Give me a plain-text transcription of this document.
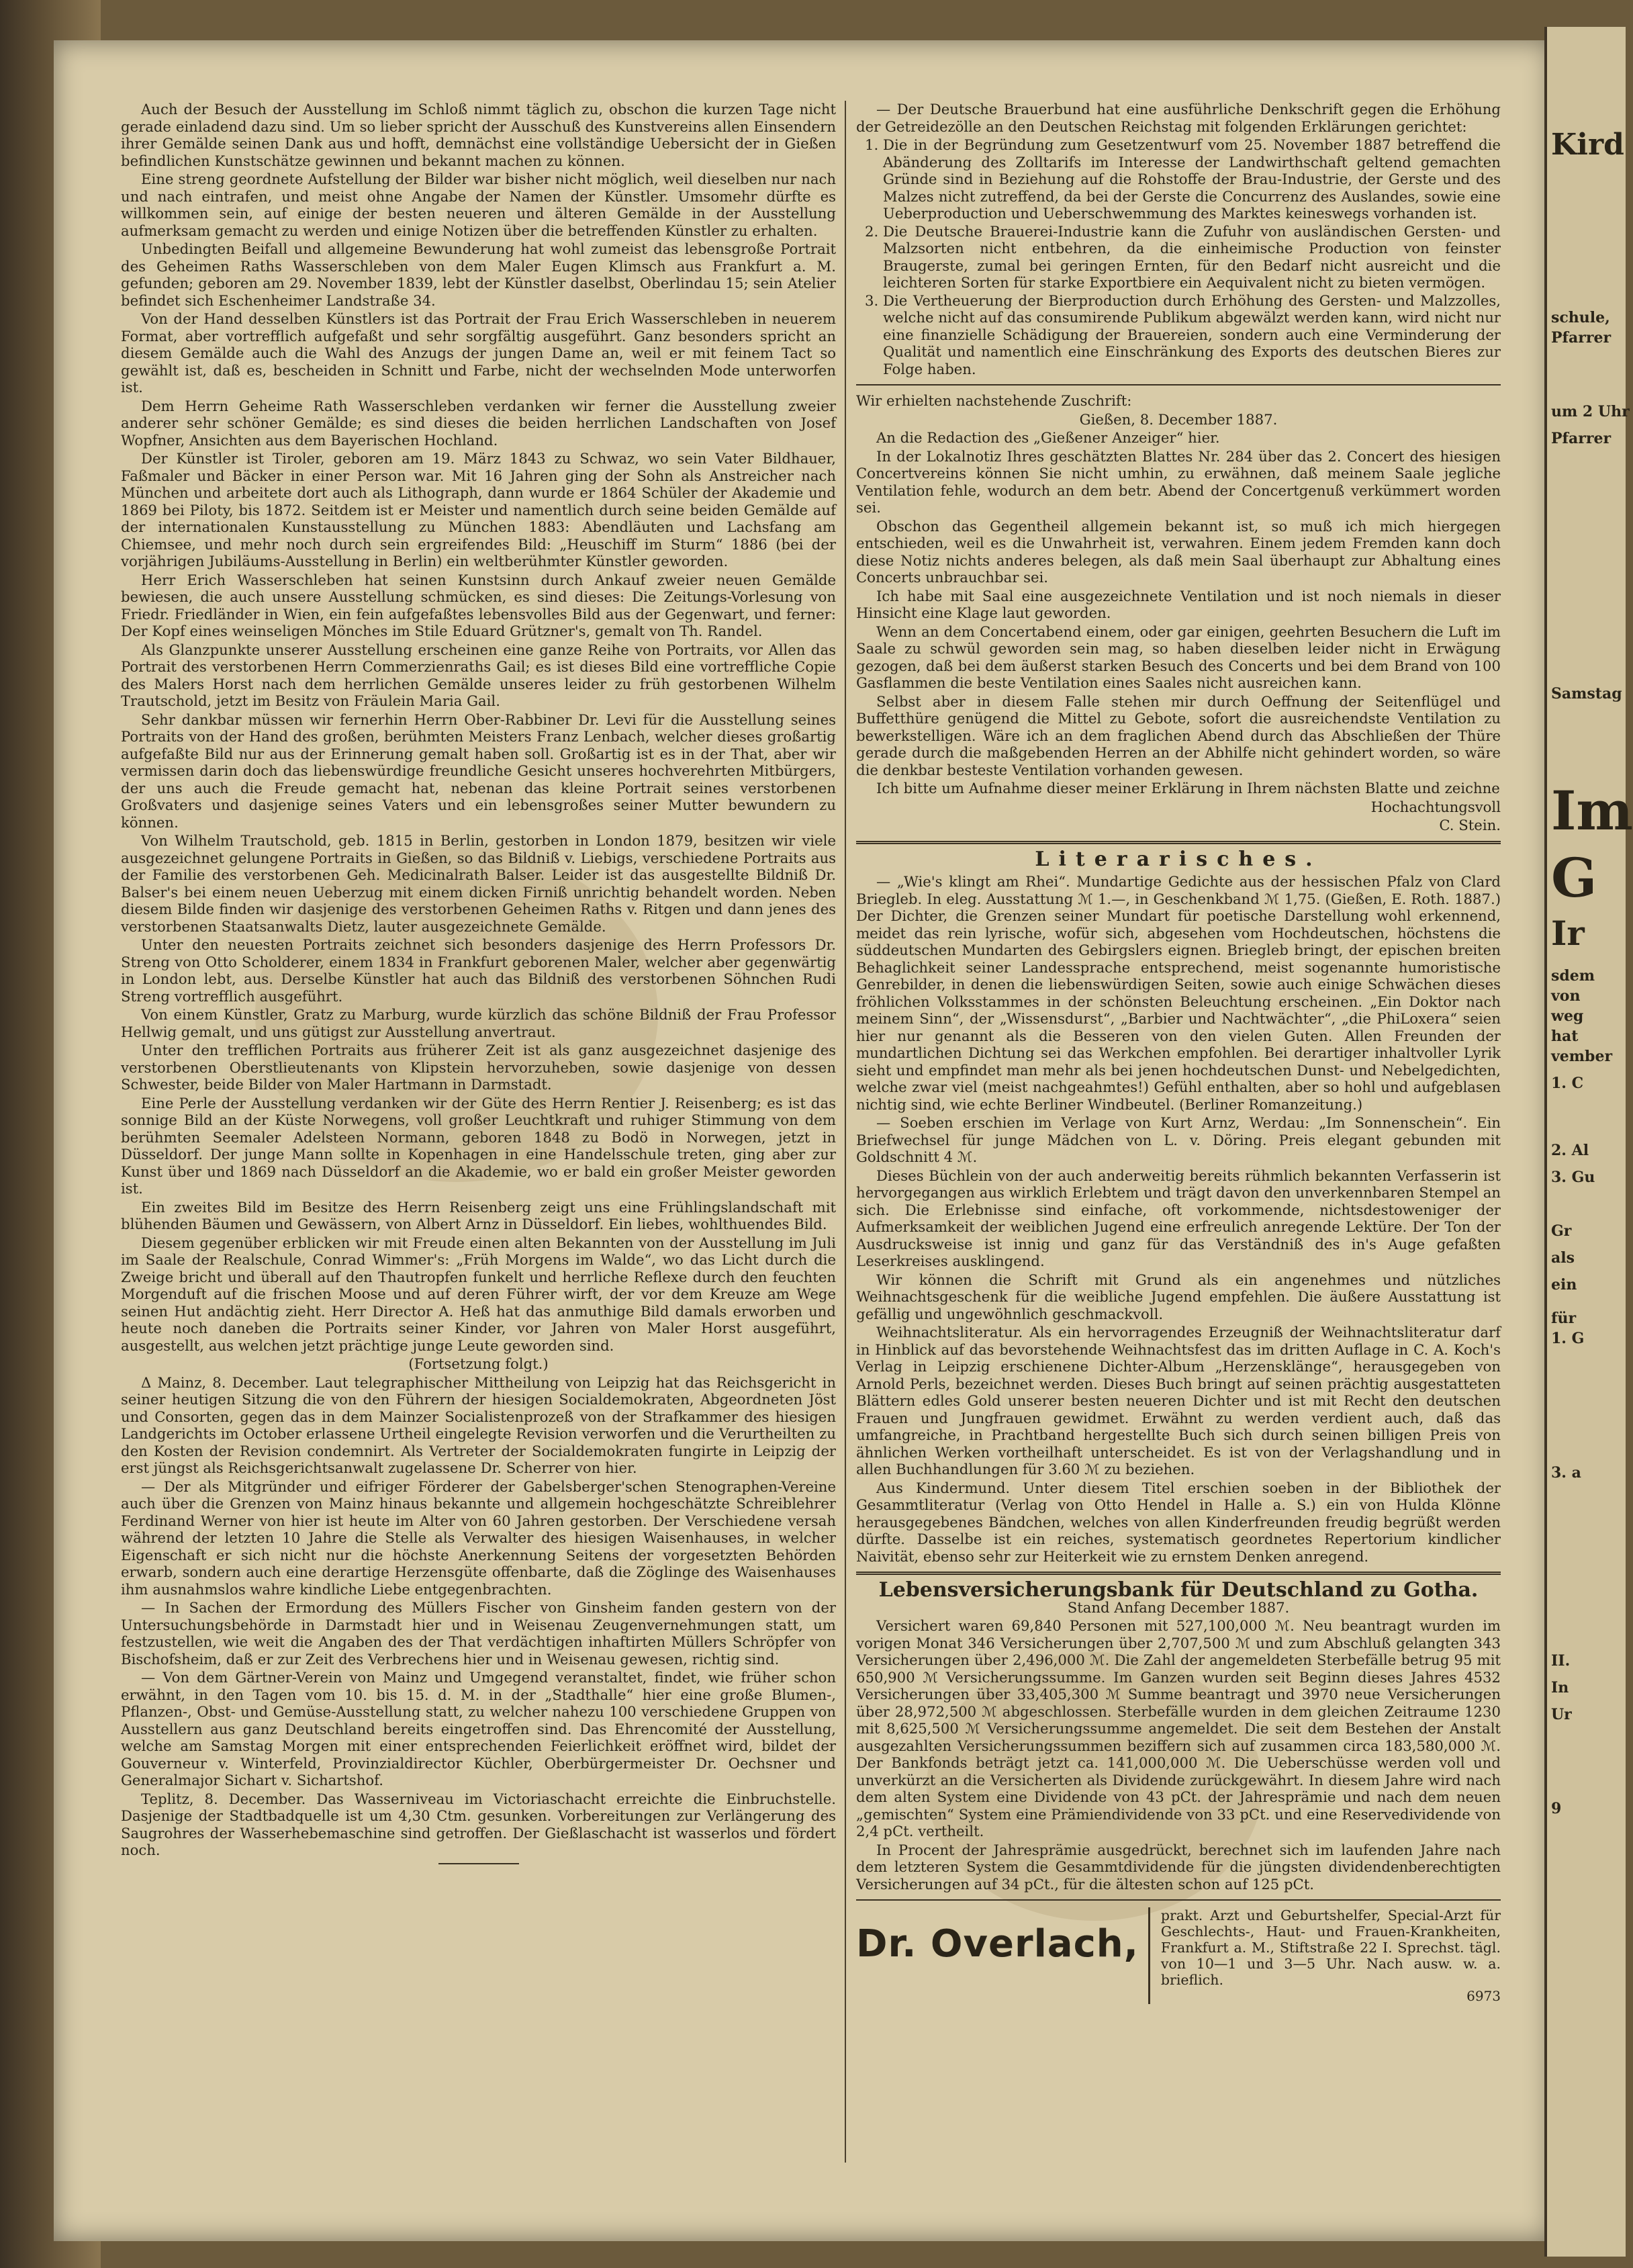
Auch der Besuch der Ausstellung im Schloß nimmt täglich zu, obschon die kurzen Tage nicht gerade einladend dazu sind. Um so lieber spricht der Ausschuß des Kunstvereins allen Einsendern ihrer Gemälde seinen Dank aus und hofft, demnächst eine vollständige Uebersicht der in Gießen befindlichen Kunstschätze gewinnen und bekannt machen zu können.

Eine streng geordnete Aufstellung der Bilder war bisher nicht möglich, weil dieselben nur nach und nach eintrafen, und meist ohne Angabe der Namen der Künstler. Umsomehr dürfte es willkommen sein, auf einige der besten neueren und älteren Gemälde in der Ausstellung aufmerksam gemacht zu werden und einige Notizen über die betreffenden Künstler zu erhalten.

Unbedingten Beifall und allgemeine Bewunderung hat wohl zumeist das lebensgroße Portrait des Geheimen Raths Wasserschleben von dem Maler Eugen Klimsch aus Frankfurt a. M. gefunden; geboren am 29. November 1839, lebt der Künstler daselbst, Oberlindau 15; sein Atelier befindet sich Eschenheimer Landstraße 34.

Von der Hand desselben Künstlers ist das Portrait der Frau Erich Wasserschleben in neuerem Format, aber vortrefflich aufgefaßt und sehr sorgfältig ausgeführt. Ganz besonders spricht an diesem Gemälde auch die Wahl des Anzugs der jungen Dame an, weil er mit feinem Tact so gewählt ist, daß es, bescheiden in Schnitt und Farbe, nicht der wechselnden Mode unterworfen ist.

Dem Herrn Geheime Rath Wasserschleben verdanken wir ferner die Ausstellung zweier anderer sehr schöner Gemälde; es sind dieses die beiden herrlichen Landschaften von Josef Wopfner, Ansichten aus dem Bayerischen Hochland.

Der Künstler ist Tiroler, geboren am 19. März 1843 zu Schwaz, wo sein Vater Bildhauer, Faßmaler und Bäcker in einer Person war. Mit 16 Jahren ging der Sohn als Anstreicher nach München und arbeitete dort auch als Lithograph, dann wurde er 1864 Schüler der Akademie und 1869 bei Piloty, bis 1872. Seitdem ist er Meister und namentlich durch seine beiden Gemälde auf der internationalen Kunstausstellung zu München 1883: Abendläuten und Lachsfang am Chiemsee, und mehr noch durch sein ergreifendes Bild: „Heuschiff im Sturm“ 1886 (bei der vorjährigen Jubiläums-Ausstellung in Berlin) ein weltberühmter Künstler geworden.

Herr Erich Wasserschleben hat seinen Kunstsinn durch Ankauf zweier neuen Gemälde bewiesen, die auch unsere Ausstellung schmücken, es sind dieses: Die Zeitungs-Vorlesung von Friedr. Friedländer in Wien, ein fein aufgefaßtes lebensvolles Bild aus der Gegenwart, und ferner: Der Kopf eines weinseligen Mönches im Stile Eduard Grützner's, gemalt von Th. Randel.

Als Glanzpunkte unserer Ausstellung erscheinen eine ganze Reihe von Portraits, vor Allen das Portrait des verstorbenen Herrn Commerzienraths Gail; es ist dieses Bild eine vortreffliche Copie des Malers Horst nach dem herrlichen Gemälde unseres leider zu früh gestorbenen Wilhelm Trautschold, jetzt im Besitz von Fräulein Maria Gail.

Sehr dankbar müssen wir fernerhin Herrn Ober-Rabbiner Dr. Levi für die Ausstellung seines Portraits von der Hand des großen, berühmten Meisters Franz Lenbach, welcher dieses großartig aufgefaßte Bild nur aus der Erinnerung gemalt haben soll. Großartig ist es in der That, aber wir vermissen darin doch das liebenswürdige freundliche Gesicht unseres hochverehrten Mitbürgers, der uns auch die Freude gemacht hat, nebenan das kleine Portrait seines verstorbenen Großvaters und dasjenige seines Vaters und ein lebensgroßes seiner Mutter bewundern zu können.

Von Wilhelm Trautschold, geb. 1815 in Berlin, gestorben in London 1879, besitzen wir viele ausgezeichnet gelungene Portraits in Gießen, so das Bildniß v. Liebigs, verschiedene Portraits aus der Familie des verstorbenen Geh. Medicinalrath Balser. Leider ist das ausgestellte Bildniß Dr. Balser's bei einem neuen Ueberzug mit einem dicken Firniß unrichtig behandelt worden. Neben diesem Bilde finden wir dasjenige des verstorbenen Geheimen Raths v. Ritgen und dann jenes des verstorbenen Staatsanwalts Dietz, lauter ausgezeichnete Gemälde.

Unter den neuesten Portraits zeichnet sich besonders dasjenige des Herrn Professors Dr. Streng von Otto Scholderer, einem 1834 in Frankfurt geborenen Maler, welcher aber gegenwärtig in London lebt, aus. Derselbe Künstler hat auch das Bildniß des verstorbenen Söhnchen Rudi Streng vortrefflich ausgeführt.

Von einem Künstler, Gratz zu Marburg, wurde kürzlich das schöne Bildniß der Frau Professor Hellwig gemalt, und uns gütigst zur Ausstellung anvertraut.

Unter den trefflichen Portraits aus früherer Zeit ist als ganz ausgezeichnet dasjenige des verstorbenen Oberstlieutenants von Klipstein hervorzuheben, sowie dasjenige von dessen Schwester, beide Bilder von Maler Hartmann in Darmstadt.

Eine Perle der Ausstellung verdanken wir der Güte des Herrn Rentier J. Reisenberg; es ist das sonnige Bild an der Küste Norwegens, voll großer Leuchtkraft und ruhiger Stimmung von dem berühmten Seemaler Adelsteen Normann, geboren 1848 zu Bodö in Norwegen, jetzt in Düsseldorf. Der junge Mann sollte in Kopenhagen in eine Handelsschule treten, ging aber zur Kunst über und 1869 nach Düsseldorf an die Akademie, wo er bald ein großer Meister geworden ist.

Ein zweites Bild im Besitze des Herrn Reisenberg zeigt uns eine Frühlingslandschaft mit blühenden Bäumen und Gewässern, von Albert Arnz in Düsseldorf. Ein liebes, wohlthuendes Bild.

Diesem gegenüber erblicken wir mit Freude einen alten Bekannten von der Ausstellung im Juli im Saale der Realschule, Conrad Wimmer's: „Früh Morgens im Walde“, wo das Licht durch die Zweige bricht und überall auf den Thautropfen funkelt und herrliche Reflexe durch den feuchten Morgenduft auf die frischen Moose und auf deren Führer wirft, der vor dem Kreuze am Wege seinen Hut andächtig zieht. Herr Director A. Heß hat das anmuthige Bild damals erworben und heute noch daneben die Portraits seiner Kinder, vor Jahren von Maler Horst ausgeführt, ausgestellt, aus welchen jetzt prächtige junge Leute geworden sind.

(Fortsetzung folgt.)

Δ Mainz, 8. December. Laut telegraphischer Mittheilung von Leipzig hat das Reichsgericht in seiner heutigen Sitzung die von den Führern der hiesigen Socialdemokraten, Abgeordneten Jöst und Consorten, gegen das in dem Mainzer Socialistenprozeß von der Strafkammer des hiesigen Landgerichts im October erlassene Urtheil eingelegte Revision verworfen und die Verurtheilten zu den Kosten der Revision condemnirt. Als Vertreter der Socialdemokraten fungirte in Leipzig der erst jüngst als Reichsgerichtsanwalt zugelassene Dr. Scherrer von hier.

— Der als Mitgründer und eifriger Förderer der Gabelsberger'schen Stenographen-Vereine auch über die Grenzen von Mainz hinaus bekannte und allgemein hochgeschätzte Schreiblehrer Ferdinand Werner von hier ist heute im Alter von 60 Jahren gestorben. Der Verschiedene versah während der letzten 10 Jahre die Stelle als Verwalter des hiesigen Waisenhauses, in welcher Eigenschaft er sich nicht nur die höchste Anerkennung Seitens der vorgesetzten Behörden erwarb, sondern auch eine derartige Herzensgüte offenbarte, daß die Zöglinge des Waisenhauses ihm ausnahmslos wahre kindliche Liebe entgegenbrachten.

— In Sachen der Ermordung des Müllers Fischer von Ginsheim fanden gestern von der Untersuchungsbehörde in Darmstadt hier und in Weisenau Zeugenvernehmungen statt, um festzustellen, wie weit die Angaben des der That verdächtigen inhaftirten Müllers Schröpfer von Bischofsheim, daß er zur Zeit des Verbrechens hier und in Weisenau gewesen, richtig sind.

— Von dem Gärtner-Verein von Mainz und Umgegend veranstaltet, findet, wie früher schon erwähnt, in den Tagen vom 10. bis 15. d. M. in der „Stadthalle“ hier eine große Blumen-, Pflanzen-, Obst- und Gemüse-Ausstellung statt, zu welcher nahezu 100 verschiedene Gruppen von Ausstellern aus ganz Deutschland bereits eingetroffen sind. Das Ehrencomité der Ausstellung, welche am Samstag Morgen mit einer entsprechenden Feierlichkeit eröffnet wird, bildet der Gouverneur v. Winterfeld, Provinzialdirector Küchler, Oberbürgermeister Dr. Oechsner und Generalmajor Sichart v. Sichartshof.

Teplitz, 8. December. Das Wasserniveau im Victoriaschacht erreichte die Einbruchstelle. Dasjenige der Stadtbadquelle ist um 4,30 Ctm. gesunken. Vorbereitungen zur Verlängerung des Saugrohres der Wasserhebemaschine sind getroffen. Der Gießlaschacht ist wasserlos und fördert noch.

— Der Deutsche Brauerbund hat eine ausführliche Denkschrift gegen die Erhöhung der Getreidezölle an den Deutschen Reichstag mit folgenden Erklärungen gerichtet:

1. Die in der Begründung zum Gesetzentwurf vom 25. November 1887 betreffend die Abänderung des Zolltarifs im Interesse der Landwirthschaft geltend gemachten Gründe sind in Beziehung auf die Rohstoffe der Brau-Industrie, der Gerste und des Malzes nicht zutreffend, da bei der Gerste die Concurrenz des Auslandes, sowie eine Ueberproduction und Ueberschwemmung des Marktes keineswegs vorhanden ist.
2. Die Deutsche Brauerei-Industrie kann die Zufuhr von ausländischen Gersten- und Malzsorten nicht entbehren, da die einheimische Production von feinster Braugerste, zumal bei geringen Ernten, für den Bedarf nicht ausreicht und die leichteren Sorten für starke Exportbiere ein Aequivalent nicht zu bieten vermögen.
3. Die Vertheuerung der Bierproduction durch Erhöhung des Gersten- und Malzzolles, welche nicht auf das consumirende Publikum abgewälzt werden kann, wird nicht nur eine finanzielle Schädigung der Brauereien, sondern auch eine Verminderung der Qualität und namentlich eine Einschränkung des Exports des deutschen Bieres zur Folge haben.

Wir erhielten nachstehende Zuschrift:

Gießen, 8. December 1887.

An die Redaction des „Gießener Anzeiger“ hier.

In der Lokalnotiz Ihres geschätzten Blattes Nr. 284 über das 2. Concert des hiesigen Concertvereins können Sie nicht umhin, zu erwähnen, daß meinem Saale jegliche Ventilation fehle, wodurch an dem betr. Abend der Concertgenuß verkümmert worden sei.

Obschon das Gegentheil allgemein bekannt ist, so muß ich mich hiergegen entschieden, weil es die Unwahrheit ist, verwahren. Einem jedem Fremden kann doch diese Notiz nichts anderes belegen, als daß mein Saal überhaupt zur Abhaltung eines Concerts unbrauchbar sei.

Ich habe mit Saal eine ausgezeichnete Ventilation und ist noch niemals in dieser Hinsicht eine Klage laut geworden.

Wenn an dem Concertabend einem, oder gar einigen, geehrten Besuchern die Luft im Saale zu schwül geworden sein mag, so haben dieselben leider nicht in Erwägung gezogen, daß bei dem äußerst starken Besuch des Concerts und bei dem Brand von 100 Gasflammen die beste Ventilation eines Saales nicht ausreichen kann.

Selbst aber in diesem Falle stehen mir durch Oeffnung der Seitenflügel und Buffetthüre genügend die Mittel zu Gebote, sofort die ausreichendste Ventilation zu bewerkstelligen. Wäre ich an dem fraglichen Abend durch das Abschließen der Thüre gerade durch die maßgebenden Herren an der Abhilfe nicht gehindert worden, so wäre die denkbar besteste Ventilation vorhanden gewesen.

Ich bitte um Aufnahme dieser meiner Erklärung in Ihrem nächsten Blatte und zeichne

Hochachtungsvoll

C. Stein.

Literarisches.

— „Wie's klingt am Rhei“. Mundartige Gedichte aus der hessischen Pfalz von Clard Briegleb. In eleg. Ausstattung ℳ 1.—, in Geschenkband ℳ 1,75. (Gießen, E. Roth. 1887.) Der Dichter, die Grenzen seiner Mundart für poetische Darstellung wohl erkennend, meidet das rein lyrische, wofür sich, abgesehen vom Hochdeutschen, höchstens die süddeutschen Mundarten des Gebirgslers eignen. Briegleb bringt, der epischen breiten Behaglichkeit seiner Landessprache entsprechend, meist sogenannte humoristische Genrebilder, in denen die liebenswürdigen Seiten, sowie auch einige Schwächen dieses fröhlichen Volksstammes in der schönsten Beleuchtung erscheinen. „Ein Doktor nach meinem Sinn“, der „Wissensdurst“, „Barbier und Nachtwächter“, „die PhiLoxera“ seien hier nur genannt als die Besseren von den vielen Guten. Allen Freunden der mundartlichen Dichtung sei das Werkchen empfohlen. Bei derartiger inhaltvoller Lyrik sieht und empfindet man mehr als bei jenen hochdeutschen Dunst- und Nebelgedichten, welche zwar viel (meist nachgeahmtes!) Gefühl enthalten, aber so hohl und aufgeblasen nichtig sind, wie echte Berliner Windbeutel. (Berliner Romanzeitung.)

— Soeben erschien im Verlage von Kurt Arnz, Werdau: „Im Sonnenschein“. Ein Briefwechsel für junge Mädchen von L. v. Döring. Preis elegant gebunden mit Goldschnitt 4 ℳ.

Dieses Büchlein von der auch anderweitig bereits rühmlich bekannten Verfasserin ist hervorgegangen aus wirklich Erlebtem und trägt davon den unverkennbaren Stempel an sich. Die Erlebnisse sind einfache, oft vorkommende, nichtsdestoweniger der Aufmerksamkeit der weiblichen Jugend eine erfreulich anregende Lektüre. Der Ton der Ausdrucksweise ist innig und ganz für das Verständniß des in's Auge gefaßten Leserkreises ausklingend.

Wir können die Schrift mit Grund als ein angenehmes und nützliches Weihnachtsgeschenk für die weibliche Jugend empfehlen. Die äußere Ausstattung ist gefällig und ungewöhnlich geschmackvoll.

Weihnachtsliteratur. Als ein hervorragendes Erzeugniß der Weihnachtsliteratur darf in Hinblick auf das bevorstehende Weihnachtsfest das im dritten Auflage in C. A. Koch's Verlag in Leipzig erschienene Dichter-Album „Herzensklänge“, herausgegeben von Arnold Perls, bezeichnet werden. Dieses Buch bringt auf seinen prächtig ausgestatteten Blättern edles Gold unserer besten neueren Dichter und ist mit Recht den deutschen Frauen und Jungfrauen gewidmet. Erwähnt zu werden verdient auch, daß das umfangreiche, in Prachtband hergestellte Buch sich durch seinen billigen Preis von ähnlichen Werken vortheilhaft unterscheidet. Es ist von der Verlagshandlung und in allen Buchhandlungen für 3.60 ℳ zu beziehen.

Aus Kindermund. Unter diesem Titel erschien soeben in der Bibliothek der Gesammtliteratur (Verlag von Otto Hendel in Halle a. S.) ein von Hulda Klönne herausgegebenes Bändchen, welches von allen Kinderfreunden freudig begrüßt werden dürfte. Dasselbe ist ein reiches, systematisch geordnetes Repertorium kindlicher Naivität, ebenso sehr zur Heiterkeit wie zu ernstem Denken anregend.

Lebensversicherungsbank für Deutschland zu Gotha.

Stand Anfang December 1887.

Versichert waren 69,840 Personen mit 527,100,000 ℳ. Neu beantragt wurden im vorigen Monat 346 Versicherungen über 2,707,500 ℳ und zum Abschluß gelangten 343 Versicherungen über 2,496,000 ℳ. Die Zahl der angemeldeten Sterbefälle betrug 95 mit 650,900 ℳ Versicherungssumme. Im Ganzen wurden seit Beginn dieses Jahres 4532 Versicherungen über 33,405,300 ℳ Summe beantragt und 3970 neue Versicherungen über 28,972,500 ℳ abgeschlossen. Sterbefälle wurden in dem gleichen Zeitraume 1230 mit 8,625,500 ℳ Versicherungssumme angemeldet. Die seit dem Bestehen der Anstalt ausgezahlten Versicherungssummen beziffern sich auf zusammen circa 183,580,000 ℳ. Der Bankfonds beträgt jetzt ca. 141,000,000 ℳ. Die Ueberschüsse werden voll und unverkürzt an die Versicherten als Dividende zurückgewährt. In diesem Jahre wird nach dem alten System eine Dividende von 43 pCt. der Jahresprämie und nach dem neuen „gemischten“ System eine Prämiendividende von 33 pCt. und eine Reservedividende von 2,4 pCt. vertheilt.

In Procent der Jahresprämie ausgedrückt, berechnet sich im laufenden Jahre nach dem letzteren System die Gesammtdividende für die jüngsten dividendenberechtigten Versicherungen auf 34 pCt., für die ältesten schon auf 125 pCt.

Dr. Overlach,
prakt. Arzt und Geburtshelfer, Special-Arzt für Geschlechts-, Haut- und Frauen-Krankheiten, Frankfurt a. M., Stiftstraße 22 I. Sprechst. tägl. von 10—1 und 3—5 Uhr. Nach ausw. w. a. brieflich.
6973
Kird
schule,
Pfarrer
um 2 Uhr
Pfarrer
Samstag
Im
G
Ir
sdem
von
weg
hat
vember
1. C
2. Al
3. Gu
Gr
als
ein
für
1. G
3. a
II.
In
Ur
9
